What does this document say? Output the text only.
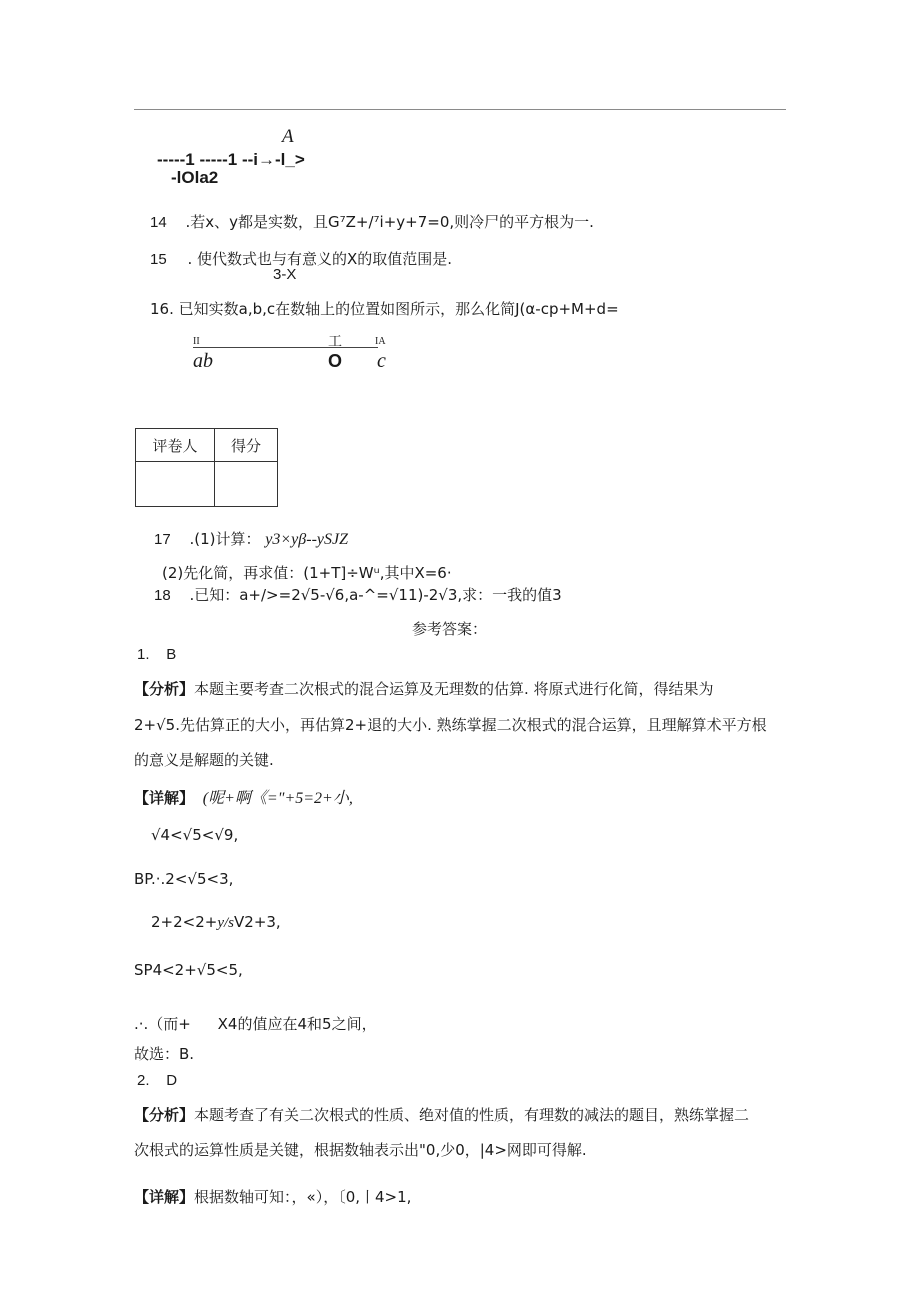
A
-----1 -----1 --i→-l_>
-lOla2
14 .若x、y都是实数，且G⁷Z+/⁷i+y+7=0,则冷尸的平方根为一.
15 . 使代数式也与有意义的X的取值范围是.
3-X
16. 已知实数a,b,c在数轴上的位置如图所示，那么化简J(α-cp+M+d=
II	工	IA
ab	O c
评卷人	得分

17 .(1)计算： y3×yβ--ySJZ
(2)先化简，再求值：(1+T]÷Wᵘ,其中X=6·
18 .已知：a+/>=2√5-√6,a-^=√11)-2√3,求：一我的值3
参考答案：
1. B
【分析】本题主要考查二次根式的混合运算及无理数的估算. 将原式进行化简，得结果为
2+√5.先估算正的大小，再估算2+退的大小. 熟练掌握二次根式的混合运算，且理解算术平方根
的意义是解题的关键.
【详解】 (呢+啊《="+5=2+小,
√4<√5<√9,
BP.·.2<√5<3,
2+2<2+y/sV2+3,
SP4<2+√5<5,
.·.（而+ X4的值应在4和5之间，
故选：B.
2. D
【分析】本题考查了有关二次根式的性质、绝对值的性质，有理数的减法的题目，熟练掌握二
次根式的运算性质是关键，根据数轴表示出"0,少0，|4>网即可得解.
【详解】根据数轴可知：，«），〔0,丨4>1,
